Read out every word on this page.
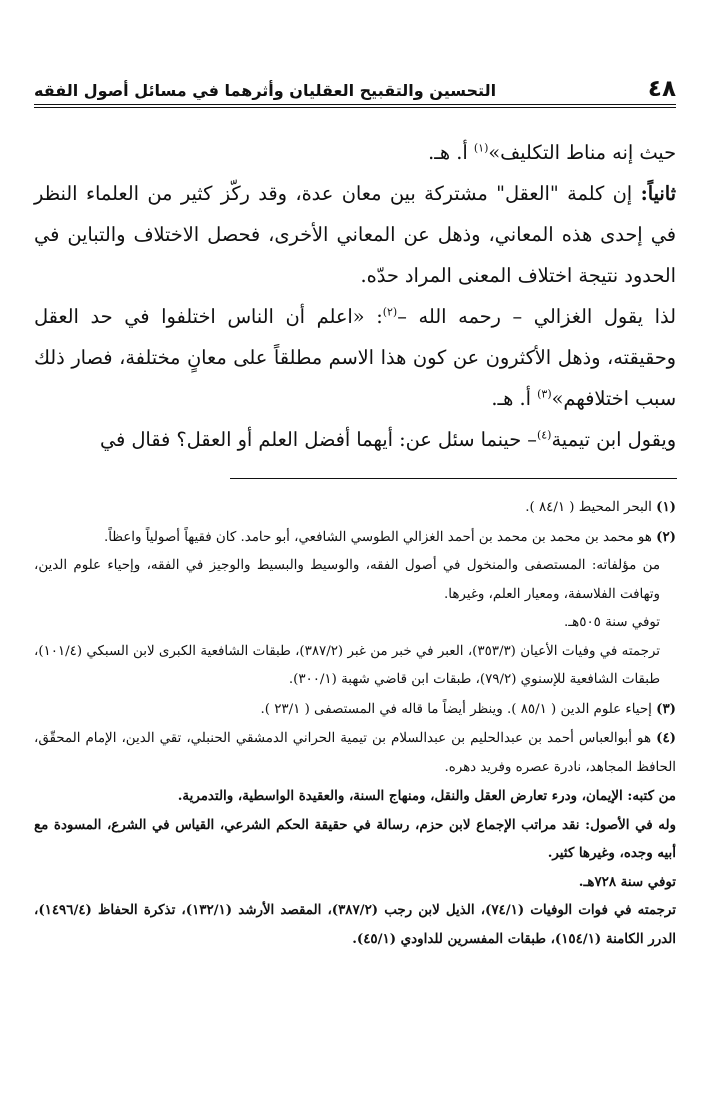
٤٨
التحسين والتقبيح العقليان وأثرهما في مسائل أصول الفقه

حيث إنه مناط التكليف»$^{(١)}$ أ. هـ.

ثانياً: إن كلمة "العقل" مشتركة بين معان عدة، وقد ركّز كثير من العلماء النظر في إحدى هذه المعاني، وذهل عن المعاني الأخرى، فحصل الاختلاف والتباين في الحدود نتيجة اختلاف المعنى المراد حدّه.

لذا يقول الغزالي – رحمه الله –$^{(٢)}$: «اعلم أن الناس اختلفوا في حد العقل وحقيقته، وذهل الأكثرون عن كون هذا الاسم مطلقاً على معانٍ مختلفة، فصار ذلك سبب اختلافهم»$^{(٣)}$ أ. هـ.

ويقول ابن تيمية$^{(٤)}$– حينما سئل عن: أيهما أفضل العلم أو العقل؟ فقال في

(١) البحر المحيط ( ٨٤/١ ).

(٢) هو محمد بن محمد بن محمد بن أحمد الغزالي الطوسي الشافعي، أبو حامد. كان فقيهاً أصولياً واعظاً.

من مؤلفاته: المستصفى والمنخول في أصول الفقه، والوسيط والبسيط والوجيز في الفقه، وإحياء علوم الدين، وتهافت الفلاسفة، ومعيار العلم، وغيرها.

توفي سنة ٥٠٥هـ.

ترجمته في وفيات الأعيان (٣٥٣/٣)، العبر في خبر من غبر (٣٨٧/٢)، طبقات الشافعية الكبرى لابن السبكي (١٠١/٤)، طبقات الشافعية للإسنوي (٧٩/٢)، طبقات ابن قاضي شهبة (٣٠٠/١).

(٣) إحياء علوم الدين ( ٨٥/١ ). وينظر أيضاً ما قاله في المستصفى ( ٢٣/١ ).

(٤) هو أبوالعباس أحمد بن عبدالحليم بن عبدالسلام بن تيمية الحراني الدمشقي الحنبلي، تقي الدين، الإمام المحقّق، الحافظ المجاهد، نادرة عصره وفريد دهره.

من كتبه: الإيمان، ودرء تعارض العقل والنقل، ومنهاج السنة، والعقيدة الواسطية، والتدمرية.

وله في الأصول: نقد مراتب الإجماع لابن حزم، رسالة في حقيقة الحكم الشرعي، القياس في الشرع، المسودة مع أبيه وجده، وغيرها كثير.

توفي سنة ٧٢٨هـ.

ترجمته في فوات الوفيات (٧٤/١)، الذيل لابن رجب (٣٨٧/٢)، المقصد الأرشد (١٣٢/١)، تذكرة الحفاظ (١٤٩٦/٤)، الدرر الكامنة (١٥٤/١)، طبقات المفسرين للداودي (٤٥/١).
